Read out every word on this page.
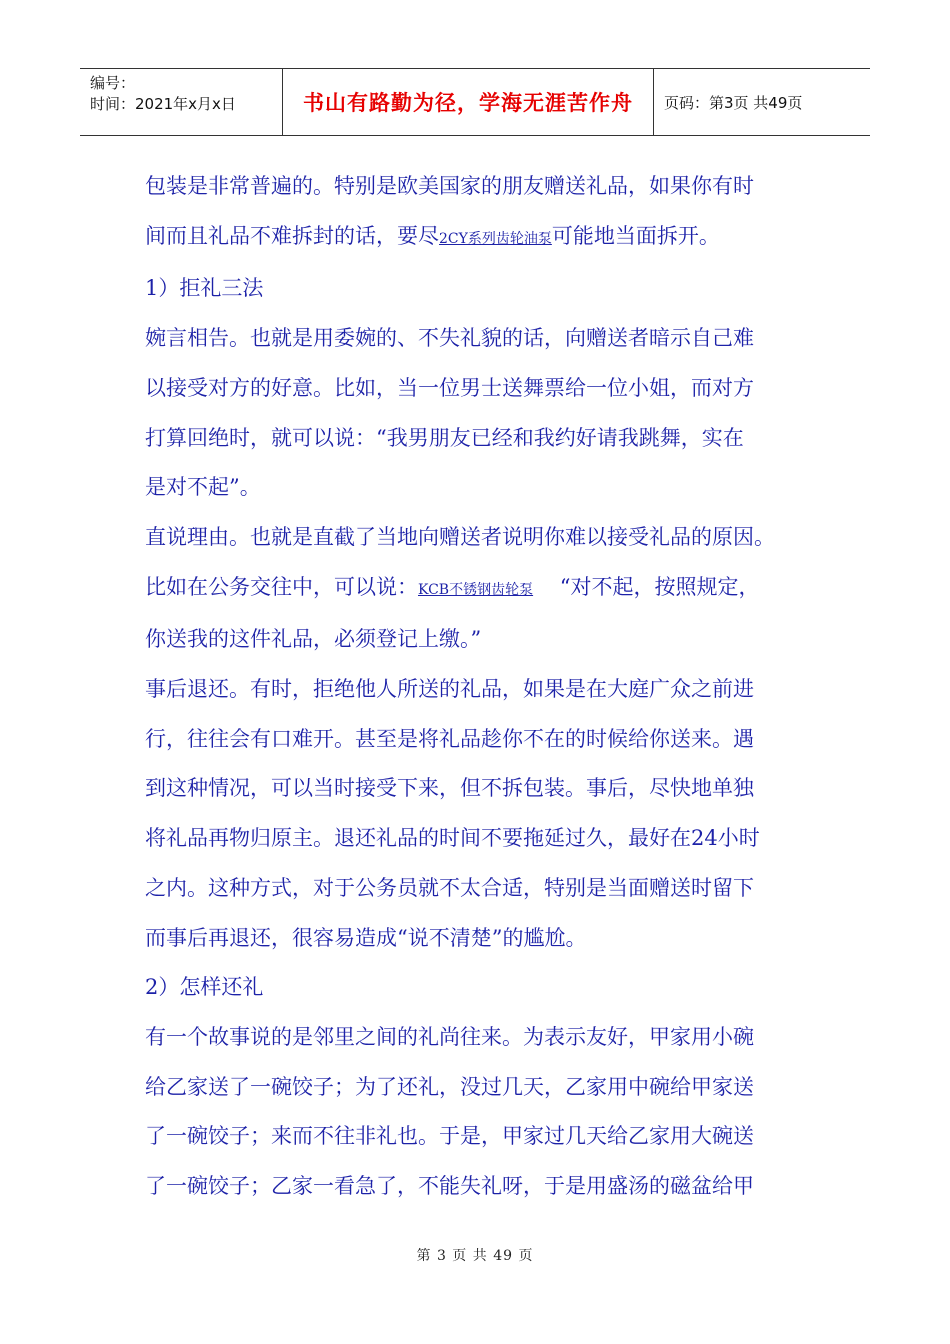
编号：
时间：2021年x月x日	书山有路勤为径，学海无涯苦作舟	页码：第3页 共49页

包装是非常普遍的。特别是欧美国家的朋友赠送礼品，如果你有时

间而且礼品不难拆封的话，要尽2CY系列齿轮油泵可能地当面拆开。

1）拒礼三法

婉言相告。也就是用委婉的、不失礼貌的话，向赠送者暗示自己难

以接受对方的好意。比如，当一位男士送舞票给一位小姐，而对方

打算回绝时，就可以说：“我男朋友已经和我约好请我跳舞，实在

是对不起”。

直说理由。也就是直截了当地向赠送者说明你难以接受礼品的原因。

比如在公务交往中，可以说：KCB不锈钢齿轮泵 “对不起，按照规定，

你送我的这件礼品，必须登记上缴。”

事后退还。有时，拒绝他人所送的礼品，如果是在大庭广众之前进

行，往往会有口难开。甚至是将礼品趁你不在的时候给你送来。遇

到这种情况，可以当时接受下来，但不拆包装。事后，尽快地单独

将礼品再物归原主。退还礼品的时间不要拖延过久，最好在24小时

之内。这种方式，对于公务员就不太合适，特别是当面赠送时留下

而事后再退还，很容易造成“说不清楚”的尴尬。

2）怎样还礼

有一个故事说的是邻里之间的礼尚往来。为表示友好，甲家用小碗

给乙家送了一碗饺子；为了还礼，没过几天，乙家用中碗给甲家送

了一碗饺子；来而不往非礼也。于是，甲家过几天给乙家用大碗送

了一碗饺子；乙家一看急了，不能失礼呀，于是用盛汤的磁盆给甲

第 3 页 共 49 页
